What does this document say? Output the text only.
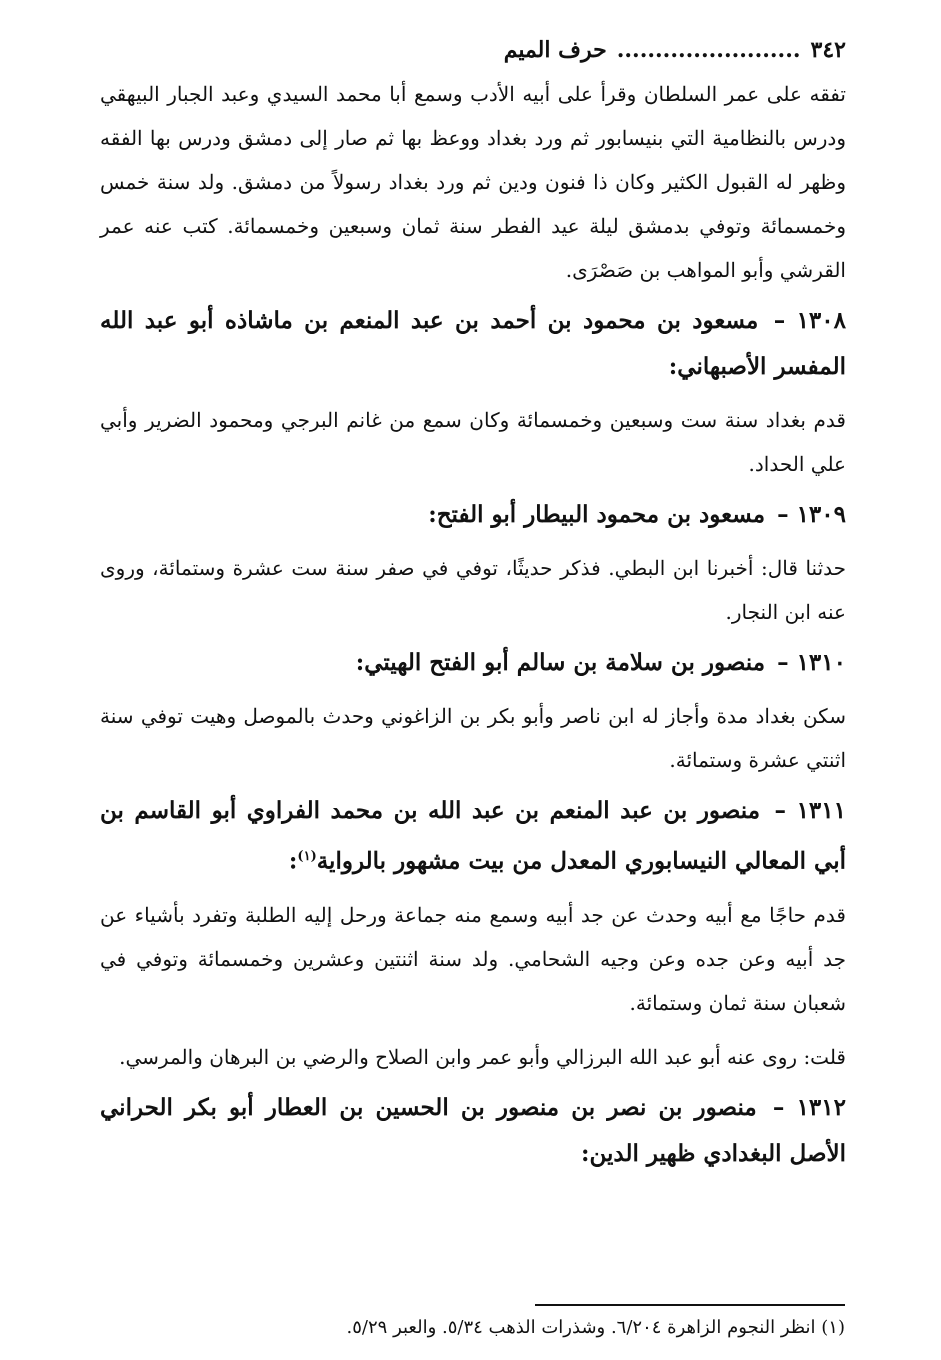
٣٤٢........................حرف الميم

تفقه على عمر السلطان وقرأ على أبيه الأدب وسمع أبا محمد السيدي وعبد الجبار البيهقي ودرس بالنظامية التي بنيسابور ثم ورد بغداد ووعظ بها ثم صار إلى دمشق ودرس بها الفقه وظهر له القبول الكثير وكان ذا فنون ودين ثم ورد بغداد رسولاً من دمشق. ولد سنة خمس وخمسمائة وتوفي بدمشق ليلة عيد الفطر سنة ثمان وسبعين وخمسمائة. كتب عنه عمر القرشي وأبو المواهب بن صَصْرَى.

١٣٠٨ – مسعود بن محمود بن أحمد بن عبد المنعم بن ماشاذه أبو عبد الله المفسر الأصبهاني:

قدم بغداد سنة ست وسبعين وخمسمائة وكان سمع من غانم البرجي ومحمود الضرير وأبي علي الحداد.

١٣٠٩ – مسعود بن محمود البيطار أبو الفتح:

حدثنا قال: أخبرنا ابن البطي. فذكر حديثًا، توفي في صفر سنة ست عشرة وستمائة، وروى عنه ابن النجار.

١٣١٠ – منصور بن سلامة بن سالم أبو الفتح الهيتي:

سكن بغداد مدة وأجاز له ابن ناصر وأبو بكر بن الزاغوني وحدث بالموصل وهيت توفي سنة اثنتي عشرة وستمائة.

١٣١١ – منصور بن عبد المنعم بن عبد الله بن محمد الفراوي أبو القاسم بن أبي المعالي النيسابوري المعدل من بيت مشهور بالرواية$^{(١)}$:

قدم حاجًا مع أبيه وحدث عن جد أبيه وسمع منه جماعة ورحل إليه الطلبة وتفرد بأشياء عن جد أبيه وعن جده وعن وجيه الشحامي. ولد سنة اثنتين وعشرين وخمسمائة وتوفي في شعبان سنة ثمان وستمائة.

قلت: روى عنه أبو عبد الله البرزالي وأبو عمر وابن الصلاح والرضي بن البرهان والمرسي.

١٣١٢ – منصور بن نصر بن منصور بن الحسين بن العطار أبو بكر الحراني الأصل البغدادي ظهير الدين:
(١) انظر النجوم الزاهرة ٦/٢٠٤. وشذرات الذهب ٥/٣٤. والعبر ٥/٢٩.
